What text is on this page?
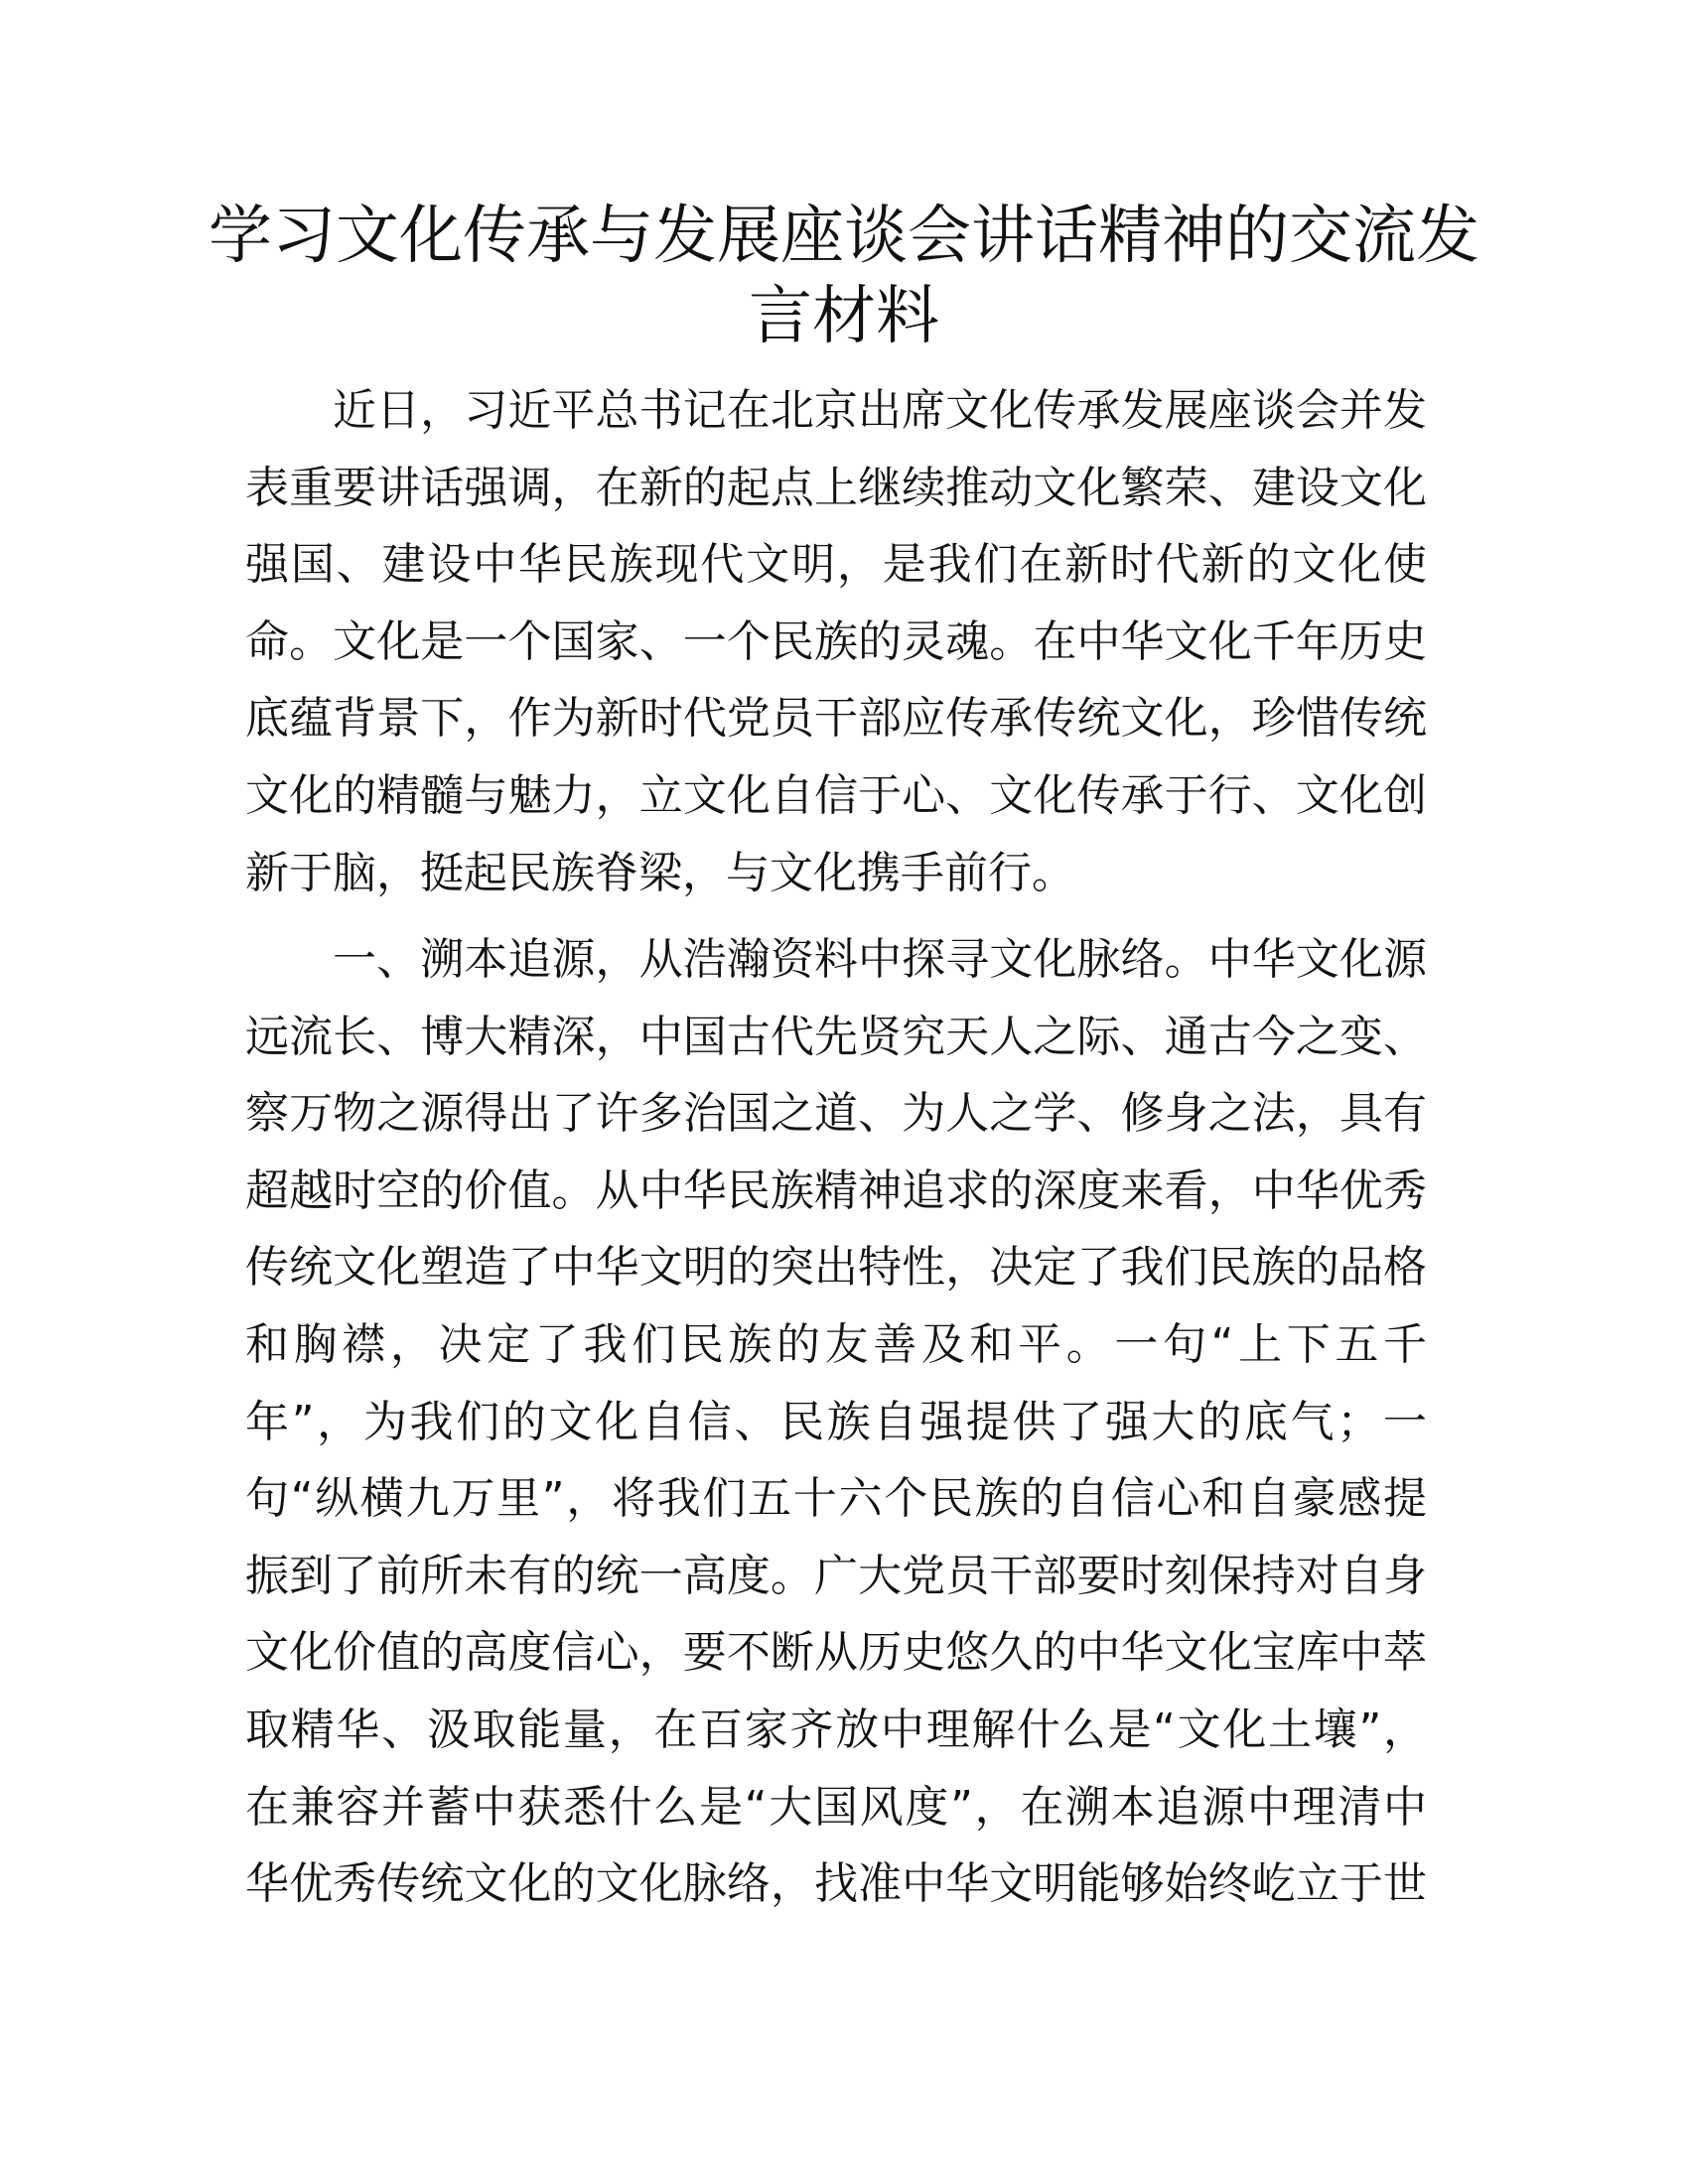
学习文化传承与发展座谈会讲话精神的交流发
言材料
近日，习近平总书记在北京出席文化传承发展座谈会并发
表重要讲话强调，在新的起点上继续推动文化繁荣、建设文化
强国、建设中华民族现代文明，是我们在新时代新的文化使
命。文化是一个国家、一个民族的灵魂。在中华文化千年历史
底蕴背景下，作为新时代党员干部应传承传统文化，珍惜传统
文化的精髓与魅力，立文化自信于心、文化传承于行、文化创
新于脑，挺起民族脊梁，与文化携手前行。
一、溯本追源，从浩瀚资料中探寻文化脉络。中华文化源
远流长、博大精深，中国古代先贤究天人之际、通古今之变、
察万物之源得出了许多治国之道、为人之学、修身之法，具有
超越时空的价值。从中华民族精神追求的深度来看，中华优秀
传统文化塑造了中华文明的突出特性，决定了我们民族的品格
和胸襟，决定了我们民族的友善及和平。一句“上下五千
年”，为我们的文化自信、民族自强提供了强大的底气；一
句“纵横九万里”，将我们五十六个民族的自信心和自豪感提
振到了前所未有的统一高度。广大党员干部要时刻保持对自身
文化价值的高度信心，要不断从历史悠久的中华文化宝库中萃
取精华、汲取能量，在百家齐放中理解什么是“文化土壤”，
在兼容并蓄中获悉什么是“大国风度”，在溯本追源中理清中
华优秀传统文化的文化脉络，找准中华文明能够始终屹立于世
